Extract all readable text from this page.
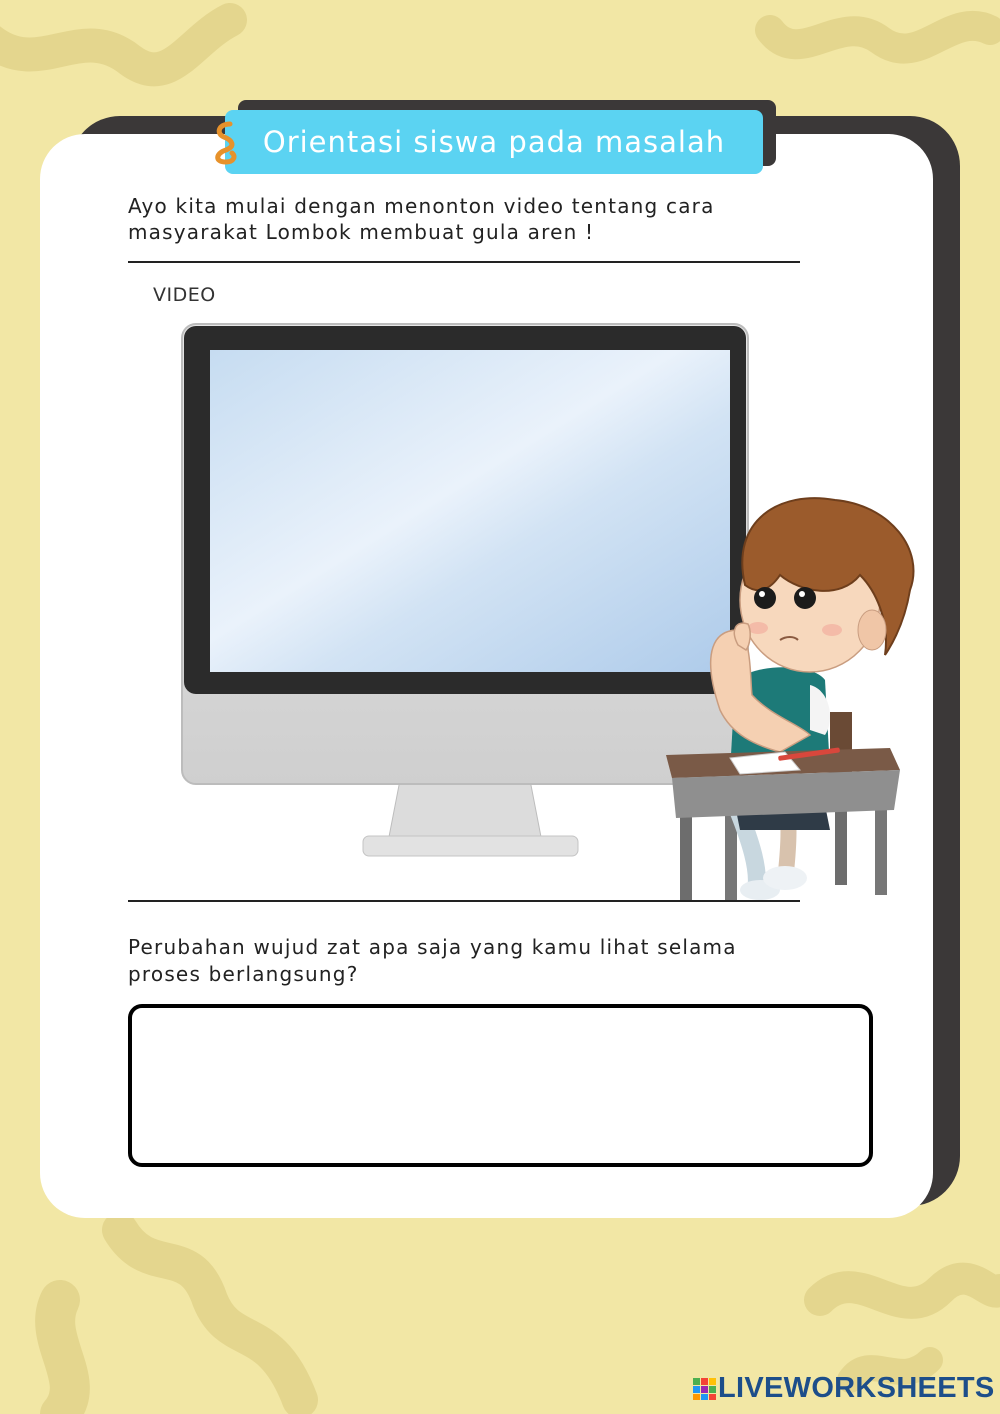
Orientasi siswa pada masalah
Ayo kita mulai dengan menonton video tentang cara
masyarakat Lombok membuat gula aren !
VIDEO
Perubahan wujud zat apa saja yang kamu lihat selama
proses berlangsung?
LIVEWORKSHEETS
